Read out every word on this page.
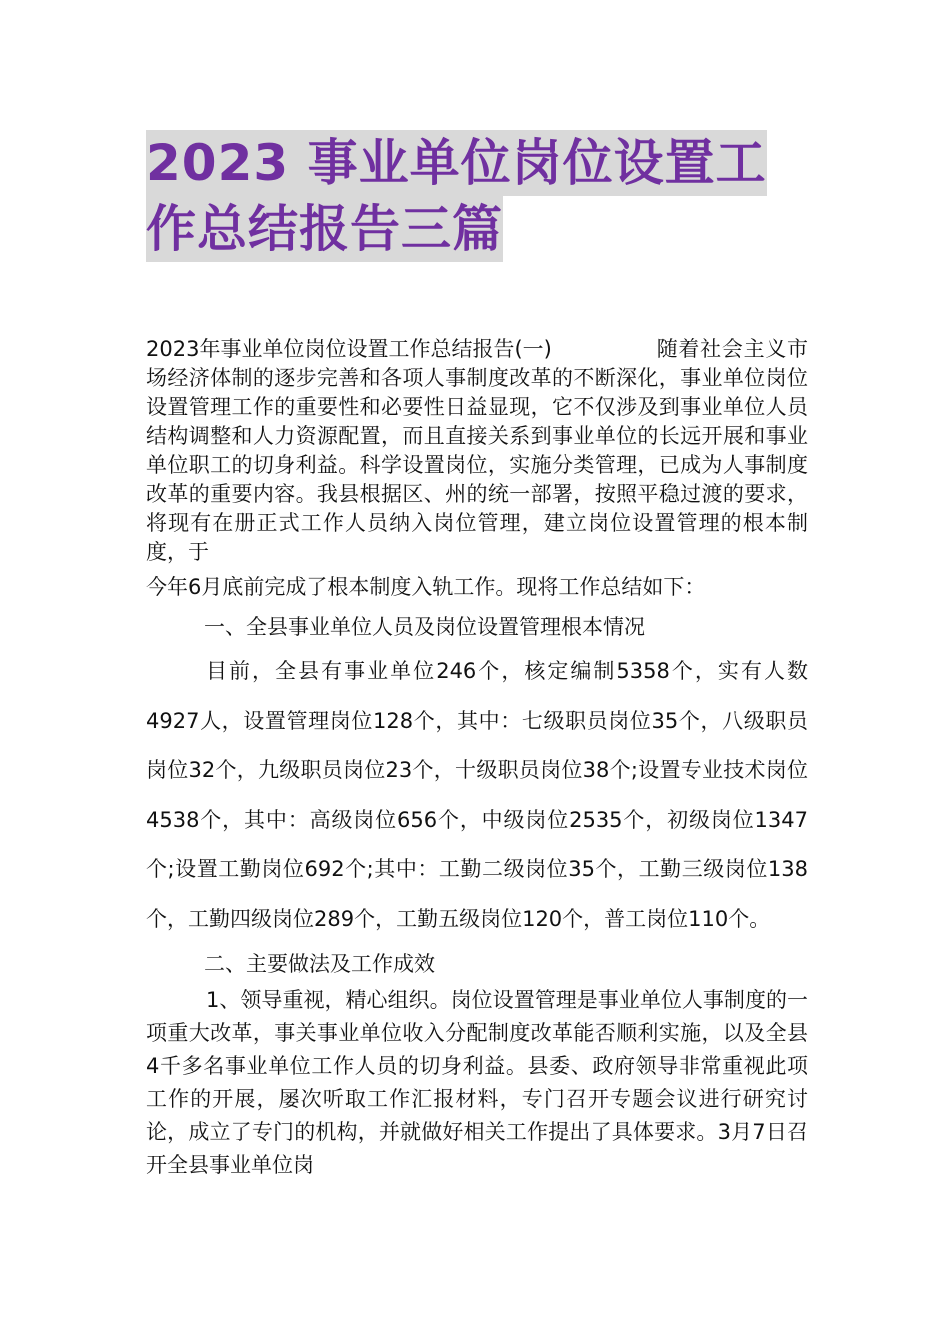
2023 事业单位岗位设置工
作总结报告三篇

2023年事业单位岗位设置工作总结报告(一)	随着社会主义市场经济体制的逐步完善和各项人事制度改革的不断深化，事业单位岗位设置管理工作的重要性和必要性日益显现，它不仅涉及到事业单位人员结构调整和人力资源配置，而且直接关系到事业单位的长远开展和事业单位职工的切身利益。科学设置岗位，实施分类管理，已成为人事制度改革的重要内容。我县根据区、州的统一部署，按照平稳过渡的要求，将现有在册正式工作人员纳入岗位管理，建立岗位设置管理的根本制度，于

今年6月底前完成了根本制度入轨工作。现将工作总结如下：

一、全县事业单位人员及岗位设置管理根本情况

目前，全县有事业单位246个，核定编制5358个，实有人数4927人，设置管理岗位128个，其中：七级职员岗位35个，八级职员岗位32个，九级职员岗位23个，十级职员岗位38个;设置专业技术岗位4538个，其中：高级岗位656个，中级岗位2535个，初级岗位1347个;设置工勤岗位692个;其中：工勤二级岗位35个，工勤三级岗位138个，工勤四级岗位289个，工勤五级岗位120个，普工岗位110个。

二、主要做法及工作成效

1、领导重视，精心组织。岗位设置管理是事业单位人事制度的一项重大改革，事关事业单位收入分配制度改革能否顺利实施，以及全县4千多名事业单位工作人员的切身利益。县委、政府领导非常重视此项工作的开展，屡次听取工作汇报材料，专门召开专题会议进行研究讨论，成立了专门的机构，并就做好相关工作提出了具体要求。3月7日召开全县事业单位岗
